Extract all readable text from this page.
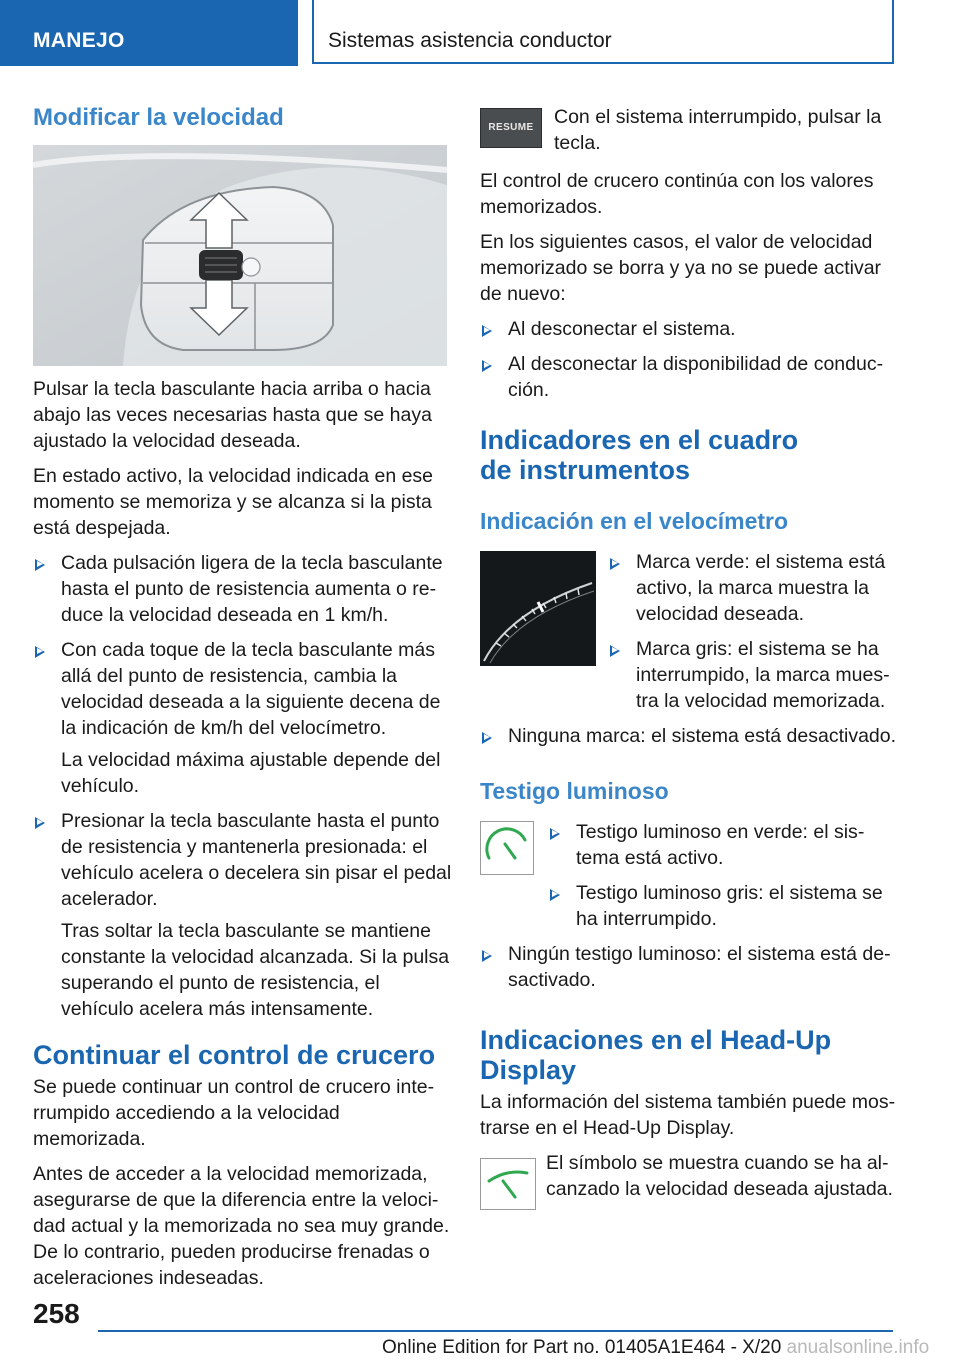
MANEJO	Sistemas asistencia conductor
Modificar la velocidad

Pulsar la tecla basculante hacia arriba o hacia abajo las veces necesarias hasta que se haya ajustado la velocidad deseada.

En estado activo, la velocidad indicada en ese momento se memoriza y se alcanza si la pista está despejada.

Cada pulsación ligera de la tecla basculante hasta el punto de resistencia aumenta o reduce la velocidad deseada en 1 km/h.
Con cada toque de la tecla basculante más allá del punto de resistencia, cambia la velocidad deseada a la siguiente decena de la indicación de km/h del velocímetro.

La velocidad máxima ajustable depende del vehículo.

Presionar la tecla basculante hasta el punto de resistencia y mantenerla presionada: el vehículo acelera o decelera sin pisar el pedal acelerador.

Tras soltar la tecla basculante se mantiene constante la velocidad alcanzada. Si la pulsa superando el punto de resistencia, el vehículo acelera más intensamente.

Continuar el control de crucero

Se puede continuar un control de crucero interrumpido accediendo a la velocidad memorizada.

Antes de acceder a la velocidad memorizada, asegurarse de que la diferencia entre la velocidad actual y la memorizada no sea muy grande. De lo contrario, pueden producirse frenadas o aceleraciones indeseadas.

RESUME	Con el sistema interrumpido, pulsar la tecla.

El control de crucero continúa con los valores memorizados.

En los siguientes casos, el valor de velocidad memorizado se borra y ya no se puede activar de nuevo:

Al desconectar el sistema.
Al desconectar la disponibilidad de conducción.
Indicadores en el cuadro de instrumentos
Indicación en el velocímetro
Marca verde: el sistema está activo, la marca muestra la velocidad deseada.
Marca gris: el sistema se ha interrumpido, la marca muestra la velocidad memorizada.
Ninguna marca: el sistema está desactivado.
Testigo luminoso
Testigo luminoso en verde: el sistema está activo.
Testigo luminoso gris: el sistema se ha interrumpido.
Ningún testigo luminoso: el sistema está desactivado.
Indicaciones en el Head-Up Display

La información del sistema también puede mostrarse en el Head-Up Display.

El símbolo se muestra cuando se ha alcanzado la velocidad deseada ajustada.
258
Online Edition for Part no. 01405A1E464 - X/20 anualsonline.info
